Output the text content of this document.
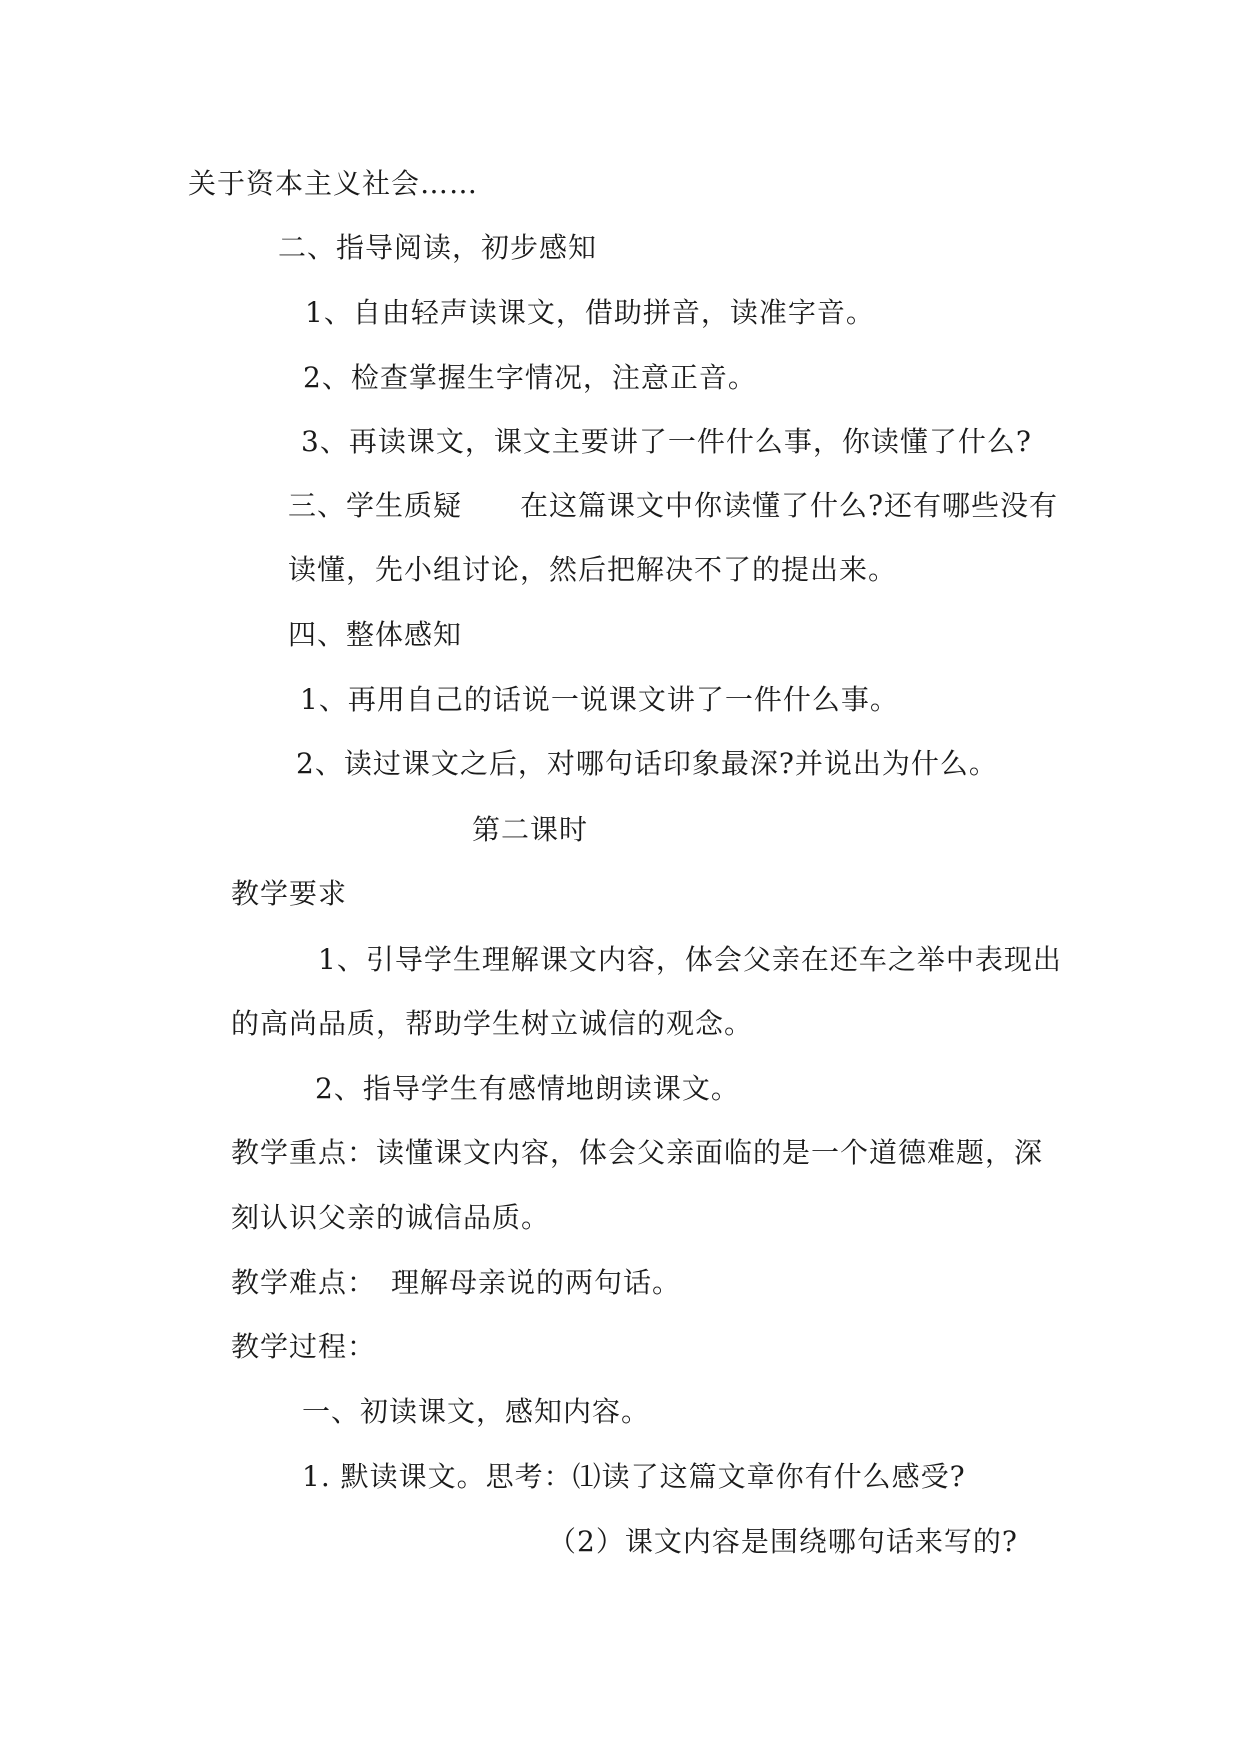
关于资本主义社会……
二、指导阅读，初步感知
1、自由轻声读课文，借助拼音，读准字音。
2、检查掌握生字情况，注意正音。
3、再读课文，课文主要讲了一件什么事，你读懂了什么?
三、学生质疑　　在这篇课文中你读懂了什么?还有哪些没有
读懂，先小组讨论，然后把解决不了的提出来。
四、整体感知
1、再用自己的话说一说课文讲了一件什么事。
2、读过课文之后，对哪句话印象最深?并说出为什么。
第二课时
教学要求
1、引导学生理解课文内容，体会父亲在还车之举中表现出
的高尚品质，帮助学生树立诚信的观念。
2、指导学生有感情地朗读课文。
教学重点：读懂课文内容，体会父亲面临的是一个道德难题，深
刻认识父亲的诚信品质。
教学难点：　理解母亲说的两句话。
教学过程：
一、初读课文，感知内容。
1. 默读课文。思考：⑴读了这篇文章你有什么感受?
（2）课文内容是围绕哪句话来写的?
